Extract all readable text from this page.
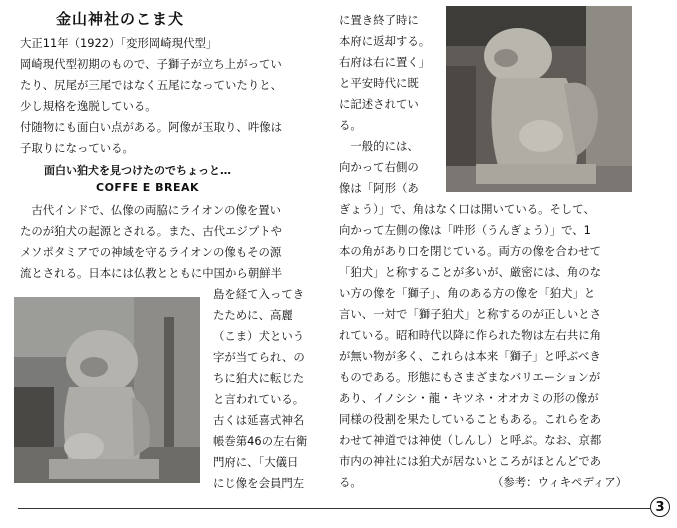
金山神社のこま犬
大正11年（1922）「変形岡崎現代型」
岡崎現代型初期のもので、子獅子が立ち上がってい
たり、尻尾が三尾ではなく五尾になっていたりと、
少し規格を逸脱している。
付随物にも面白い点がある。阿像が玉取り、吽像は
子取りになっている。
面白い狛犬を見つけたのでちょっと…
COFFE E BREAK
　古代インドで、仏像の両脇にライオンの像を置い
たのが狛犬の起源とされる。また、古代エジプトや
メソポタミアでの神域を守るライオンの像もその源
流とされる。日本には仏教とともに中国から朝鮮半
島を経て入ってき
たために、高麗
（こま）犬という
字が当てられ、の
ちに狛犬に転じた
と言われている。
古くは延喜式神名
帳巻第46の左右衛
門府に、「大儀日
にじ像を会員門左
に置き終了時に
本府に返却する。
右府は右に置く」
と平安時代に既
に記述されてい
る。
　一般的には、
向かって右側の
像は「阿形（あ
ぎょう）」で、角はなく口は開いている。そして、
向かって左側の像は「吽形（うんぎょう）」で、1
本の角があり口を閉じている。両方の像を合わせて
「狛犬」と称することが多いが、厳密には、角のな
い方の像を「獅子」、角のある方の像を「狛犬」と
言い、一対で「獅子狛犬」と称するのが正しいとさ
れている。昭和時代以降に作られた物は左右共に角
が無い物が多く、これらは本来「獅子」と呼ぶべき
ものである。形態にもさまざまなバリエーションが
あり、イノシシ・龍・キツネ・オオカミの形の像が
同様の役割を果たしていることもある。これらをあ
わせて神道では神使（しんし）と呼ぶ。なお、京都
市内の神社には狛犬が居ないところがほとんどであ
る。	（参考：ウィキペディア）
3
